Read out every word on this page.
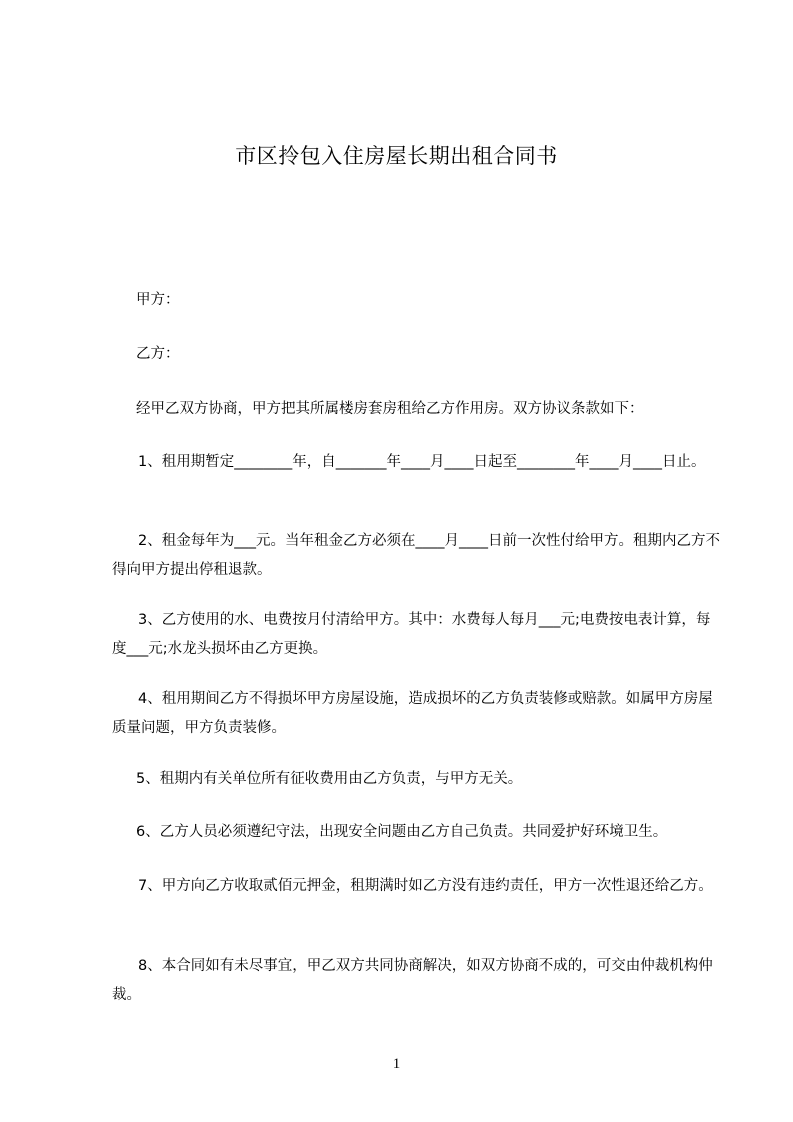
市区拎包入住房屋长期出租合同书
甲方：
乙方：
经甲乙双方协商，甲方把其所属楼房套房租给乙方作用房。双方协议条款如下：
1、租用期暂定________年，自_______年____月____日起至________年____月____日止。
2、租金每年为___元。当年租金乙方必须在____月____日前一次性付给甲方。租期内乙方不得向甲方提出停租退款。
3、乙方使用的水、电费按月付清给甲方。其中：水费每人每月___元;电费按电表计算，每度___元;水龙头损坏由乙方更换。
4、租用期间乙方不得损坏甲方房屋设施，造成损坏的乙方负责装修或赔款。如属甲方房屋质量问题，甲方负责装修。
5、租期内有关单位所有征收费用由乙方负责，与甲方无关。
6、乙方人员必须遵纪守法，出现安全问题由乙方自己负责。共同爱护好环境卫生。
7、甲方向乙方收取贰佰元押金，租期满时如乙方没有违约责任，甲方一次性退还给乙方。
8、本合同如有未尽事宜，甲乙双方共同协商解决，如双方协商不成的，可交由仲裁机构仲裁。
1
